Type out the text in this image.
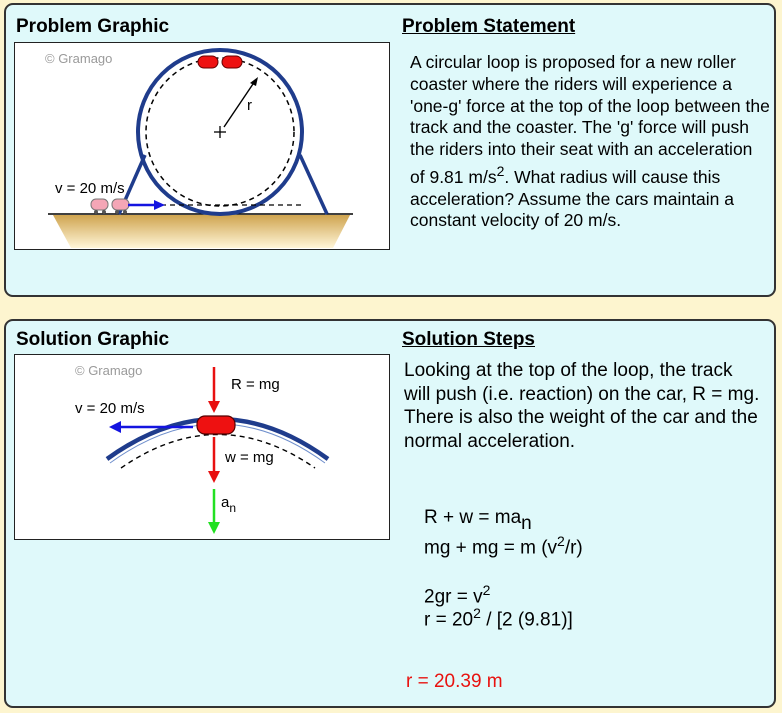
Problem Graphic	Problem Statement
© Gramago
r
v = 20 m/s
A circular loop is proposed for a new roller coaster where the riders will experience a 'one-g' force at the top of the loop between the track and the coaster. The 'g' force will push the riders into their seat with an acceleration of 9.81 $m/s^2$. What radius will cause this acceleration? Assume the cars maintain a constant velocity of 20 m/s.
Solution Graphic	Solution Steps
© Gramago
R = mg
v = 20 m/s
w = mg
$a_n$
Looking at the top of the loop, the track will push (i.e. reaction) on the car, R = mg. There is also the weight of the car and the normal acceleration.
$R + w = ma_n$
mg + mg = m $(v^2/r)$
$2gr = v^2$
$r = 20^2 / [2$ (9.81)]
r = 20.39 m
